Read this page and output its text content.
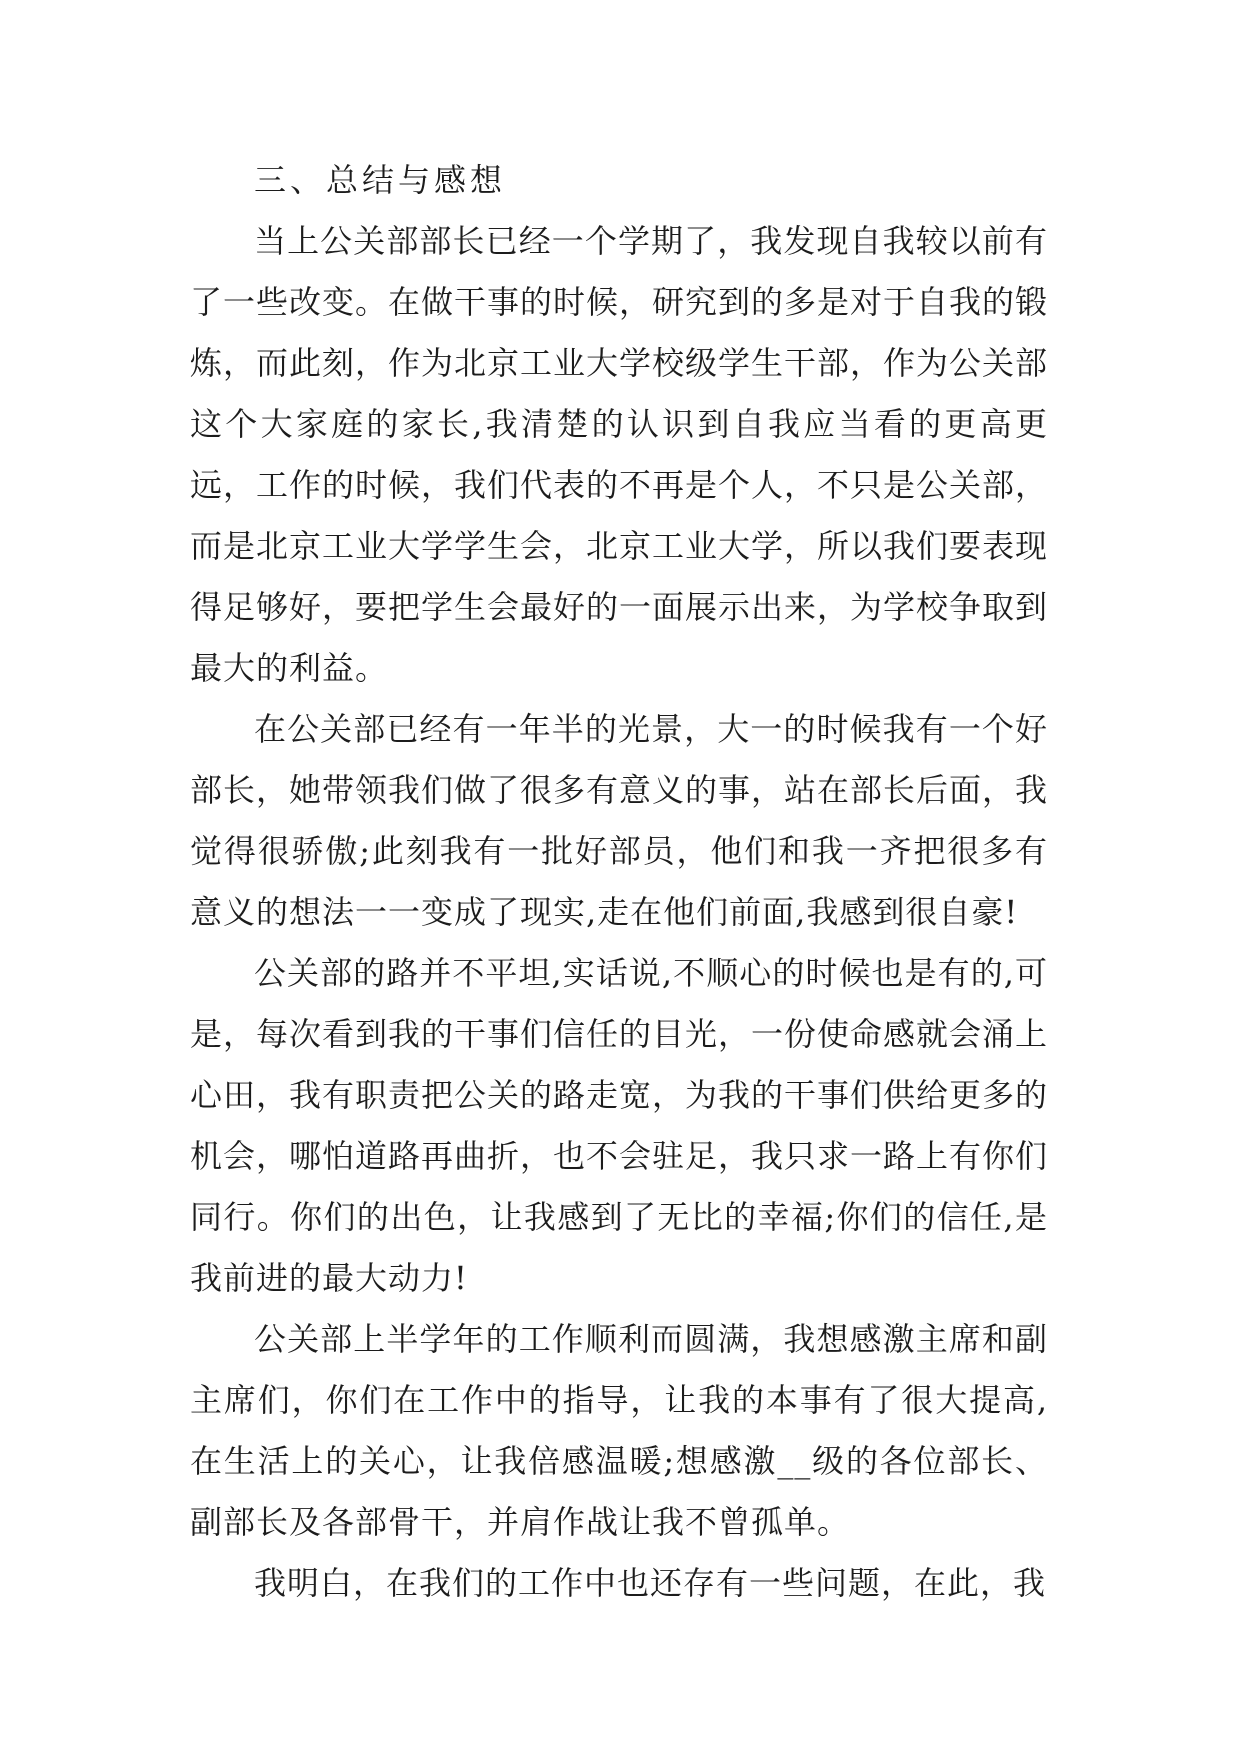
三、总结与感想

当上公关部部长已经一个学期了，我发现自我较以前有了一些改变。在做干事的时候，研究到的多是对于自我的锻炼，而此刻，作为北京工业大学校级学生干部，作为公关部这个大家庭的家长,我清楚的认识到自我应当看的更高更远，工作的时候，我们代表的不再是个人，不只是公关部，而是北京工业大学学生会，北京工业大学，所以我们要表现得足够好，要把学生会最好的一面展示出来，为学校争取到最大的利益。

在公关部已经有一年半的光景，大一的时候我有一个好部长，她带领我们做了很多有意义的事，站在部长后面，我觉得很骄傲;此刻我有一批好部员，他们和我一齐把很多有意义的想法一一变成了现实,走在他们前面,我感到很自豪!

公关部的路并不平坦,实话说,不顺心的时候也是有的,可是，每次看到我的干事们信任的目光，一份使命感就会涌上心田，我有职责把公关的路走宽，为我的干事们供给更多的机会，哪怕道路再曲折，也不会驻足，我只求一路上有你们同行。你们的出色，让我感到了无比的幸福;你们的信任,是我前进的最大动力!

公关部上半学年的工作顺利而圆满，我想感激主席和副主席们，你们在工作中的指导，让我的本事有了很大提高,在生活上的关心，让我倍感温暖;想感激__级的各位部长、副部长及各部骨干，并肩作战让我不曾孤单。

我明白，在我们的工作中也还存有一些问题，在此，我
